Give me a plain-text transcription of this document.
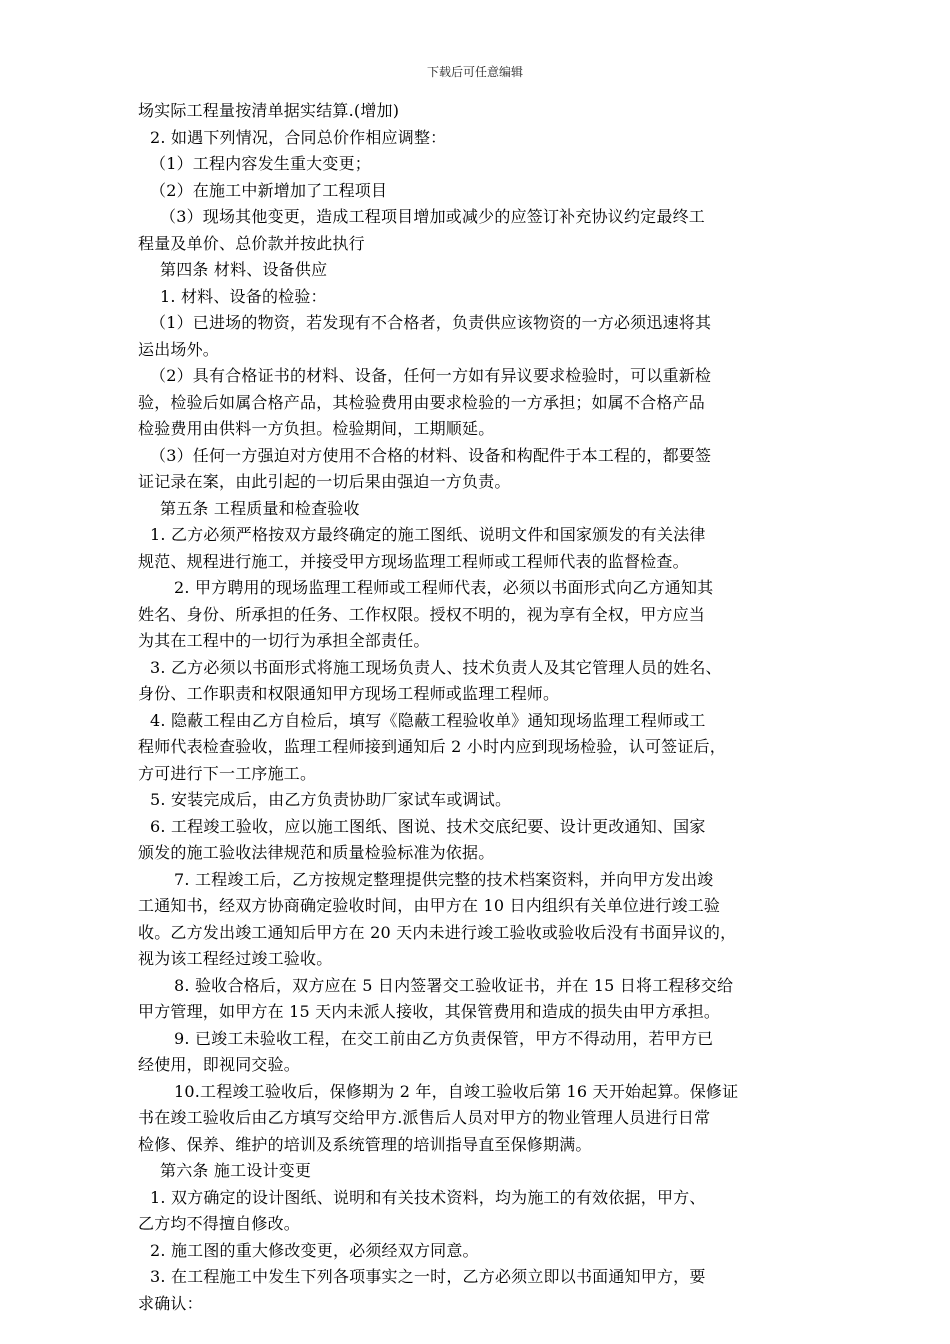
下载后可任意编辑
场实际工程量按清单据实结算.(增加)
2. 如遇下列情况，合同总价作相应调整：
（1）工程内容发生重大变更；
（2）在施工中新增加了工程项目
（3）现场其他变更，造成工程项目增加或减少的应签订补充协议约定最终工
程量及单价、总价款并按此执行
第四条 材料、设备供应
1. 材料、设备的检验：
（1）已进场的物资，若发现有不合格者，负责供应该物资的一方必须迅速将其
运出场外。
（2）具有合格证书的材料、设备，任何一方如有异议要求检验时，可以重新检
验，检验后如属合格产品，其检验费用由要求检验的一方承担；如属不合格产品
检验费用由供料一方负担。检验期间，工期顺延。
（3）任何一方强迫对方使用不合格的材料、设备和构配件于本工程的，都要签
证记录在案，由此引起的一切后果由强迫一方负责。
第五条 工程质量和检查验收
1. 乙方必须严格按双方最终确定的施工图纸、说明文件和国家颁发的有关法律
规范、规程进行施工，并接受甲方现场监理工程师或工程师代表的监督检查。
2. 甲方聘用的现场监理工程师或工程师代表，必须以书面形式向乙方通知其
姓名、身份、所承担的任务、工作权限。授权不明的，视为享有全权，甲方应当
为其在工程中的一切行为承担全部责任。
3. 乙方必须以书面形式将施工现场负责人、技术负责人及其它管理人员的姓名、
身份、工作职责和权限通知甲方现场工程师或监理工程师。
4. 隐蔽工程由乙方自检后，填写《隐蔽工程验收单》通知现场监理工程师或工
程师代表检查验收，监理工程师接到通知后 2 小时内应到现场检验，认可签证后，
方可进行下一工序施工。
5. 安装完成后，由乙方负责协助厂家试车或调试。
6. 工程竣工验收，应以施工图纸、图说、技术交底纪要、设计更改通知、国家
颁发的施工验收法律规范和质量检验标准为依据。
7. 工程竣工后，乙方按规定整理提供完整的技术档案资料，并向甲方发出竣
工通知书，经双方协商确定验收时间，由甲方在 10 日内组织有关单位进行竣工验
收。乙方发出竣工通知后甲方在 20 天内未进行竣工验收或验收后没有书面异议的，
视为该工程经过竣工验收。
8. 验收合格后，双方应在 5 日内签署交工验收证书，并在 15 日将工程移交给
甲方管理，如甲方在 15 天内未派人接收，其保管费用和造成的损失由甲方承担。
9. 已竣工未验收工程，在交工前由乙方负责保管，甲方不得动用，若甲方已
经使用，即视同交验。
10.工程竣工验收后，保修期为 2 年，自竣工验收后第 16 天开始起算。保修证
书在竣工验收后由乙方填写交给甲方.派售后人员对甲方的物业管理人员进行日常
检修、保养、维护的培训及系统管理的培训指导直至保修期满。
第六条 施工设计变更
1. 双方确定的设计图纸、说明和有关技术资料，均为施工的有效依据，甲方、
乙方均不得擅自修改。
2. 施工图的重大修改变更，必须经双方同意。
3. 在工程施工中发生下列各项事实之一时，乙方必须立即以书面通知甲方，要
求确认：
